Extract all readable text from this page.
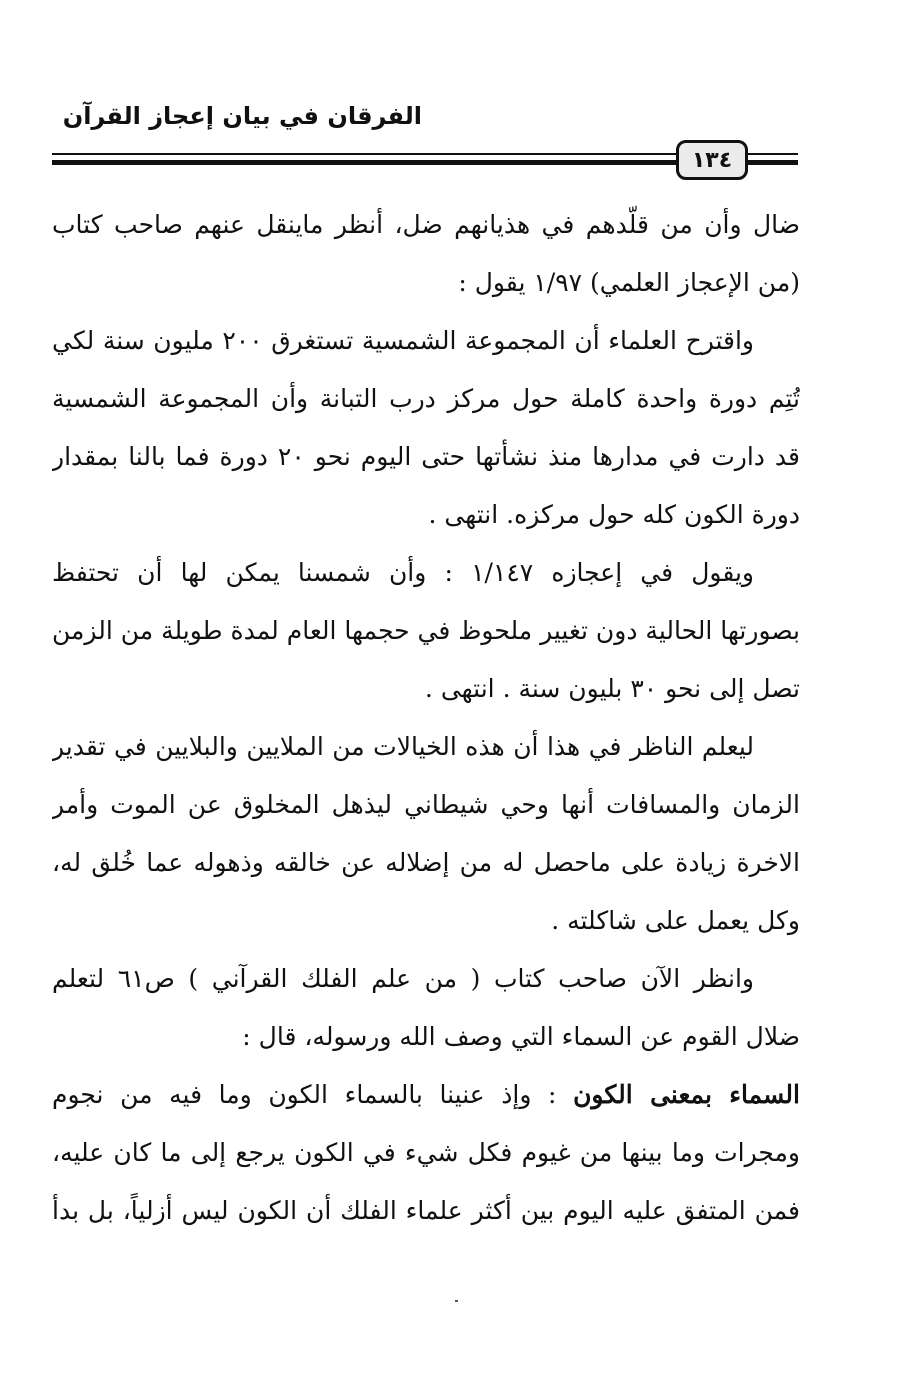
الفرقان في بيان إعجاز القرآن
١٣٤
ضال وأن من قلّدهم في هذيانهم ضل، أنظر ماينقل عنهم صاحب كتاب
(من الإعجاز العلمي) ١/٩٧ يقول :
واقترح العلماء أن المجموعة الشمسية تستغرق ٢٠٠ مليون سنة لكي
تُتِم دورة واحدة كاملة حول مركز درب التبانة وأن المجموعة الشمسية
قد دارت في مدارها منذ نشأتها حتى اليوم نحو ٢٠ دورة فما بالنا بمقدار
دورة الكون كله حول مركزه. انتهى .
ويقول في إعجازه ١/١٤٧ : وأن شمسنا يمكن لها أن تحتفظ
بصورتها الحالية دون تغيير ملحوظ في حجمها العام لمدة طويلة من الزمن
تصل إلى نحو ٣٠ بليون سنة . انتهى .
ليعلم الناظر في هذا أن هذه الخيالات من الملايين والبلايين في تقدير
الزمان والمسافات أنها وحي شيطاني ليذهل المخلوق عن الموت وأمر
الاخرة زيادة على ماحصل له من إضلاله عن خالقه وذهوله عما خُلق له،
وكل يعمل على شاكلته .
وانظر الآن صاحب كتاب ( من علم الفلك القرآني ) ص٦١ لتعلم
ضلال القوم عن السماء التي وصف الله ورسوله، قال :
السماء بمعنى الكون : وإذ عنينا بالسماء الكون وما فيه من نجوم
ومجرات وما بينها من غيوم فكل شيء في الكون يرجع إلى ما كان عليه،
فمن المتفق عليه اليوم بين أكثر علماء الفلك أن الكون ليس أزلياً، بل بدأ
